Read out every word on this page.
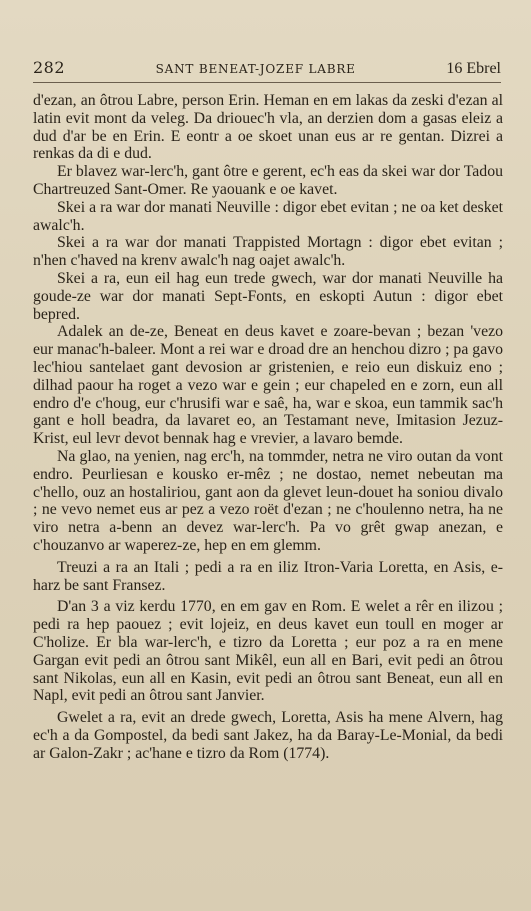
282	SANT BENEAT-JOZEF LABRE	16 Ebrel

d'ezan, an ôtrou Labre, person Erin. Heman en em lakas da zeski d'ezan al latin evit mont da veleg. Da driouec'h vla, an derzien dom a gasas eleiz a dud d'ar be en Erin. E eontr a oe skoet unan eus ar re gentan. Dizrei a renkas da di e dud.

Er blavez war-lerc'h, gant ôtre e gerent, ec'h eas da skei war dor Tadou Chartreuzed Sant-Omer. Re yaouank e oe kavet.

Skei a ra war dor manati Neuville : digor ebet evitan ; ne oa ket desket awalc'h.

Skei a ra war dor manati Trappisted Mortagn : digor ebet evitan ; n'hen c'haved na krenv awalc'h nag oajet awalc'h.

Skei a ra, eun eil hag eun trede gwech, war dor manati Neuville ha goude-ze war dor manati Sept-Fonts, en eskopti Autun : digor ebet bepred.

Adalek an de-ze, Beneat en deus kavet e zoare-bevan ; bezan 'vezo eur manac'h-baleer. Mont a rei war e droad dre an henchou dizro ; pa gavo lec'hiou santelaet gant devosion ar gristenien, e reio eun diskuiz eno ; dilhad paour ha roget a vezo war e gein ; eur chapeled en e zorn, eun all endro d'e c'houg, eur c'hrusifi war e saê, ha, war e skoa, eun tammik sac'h gant e holl beadra, da lavaret eo, an Testamant neve, Imitasion Jezuz-Krist, eul levr devot bennak hag e vrevier, a lavaro bemde.

Na glao, na yenien, nag erc'h, na tommder, netra ne viro outan da vont endro. Peurliesan e kousko er-mêz ; ne dostao, nemet nebeutan ma c'hello, ouz an hostaliriou, gant aon da glevet leun-douet ha soniou divalo ; ne vevo nemet eus ar pez a vezo roët d'ezan ; ne c'houlenno netra, ha ne viro netra a-benn an devez war-lerc'h. Pa vo grêt gwap anezan, e c'houzanvo ar waperez-ze, hep en em glemm.

Treuzi a ra an Itali ; pedi a ra en iliz Itron-Varia Loretta, en Asis, e-harz be sant Fransez.

D'an 3 a viz kerdu 1770, en em gav en Rom. E welet a rêr en ilizou ; pedi ra hep paouez ; evit lojeiz, en deus kavet eun toull en moger ar C'holize. Er bla war-lerc'h, e tizro da Loretta ; eur poz a ra en mene Gargan evit pedi an ôtrou sant Mikêl, eun all en Bari, evit pedi an ôtrou sant Nikolas, eun all en Kasin, evit pedi an ôtrou sant Beneat, eun all en Napl, evit pedi an ôtrou sant Janvier.

Gwelet a ra, evit an drede gwech, Loretta, Asis ha mene Alvern, hag ec'h a da Gompostel, da bedi sant Jakez, ha da Baray-Le-Monial, da bedi ar Galon-Zakr ; ac'hane e tizro da Rom (1774).
